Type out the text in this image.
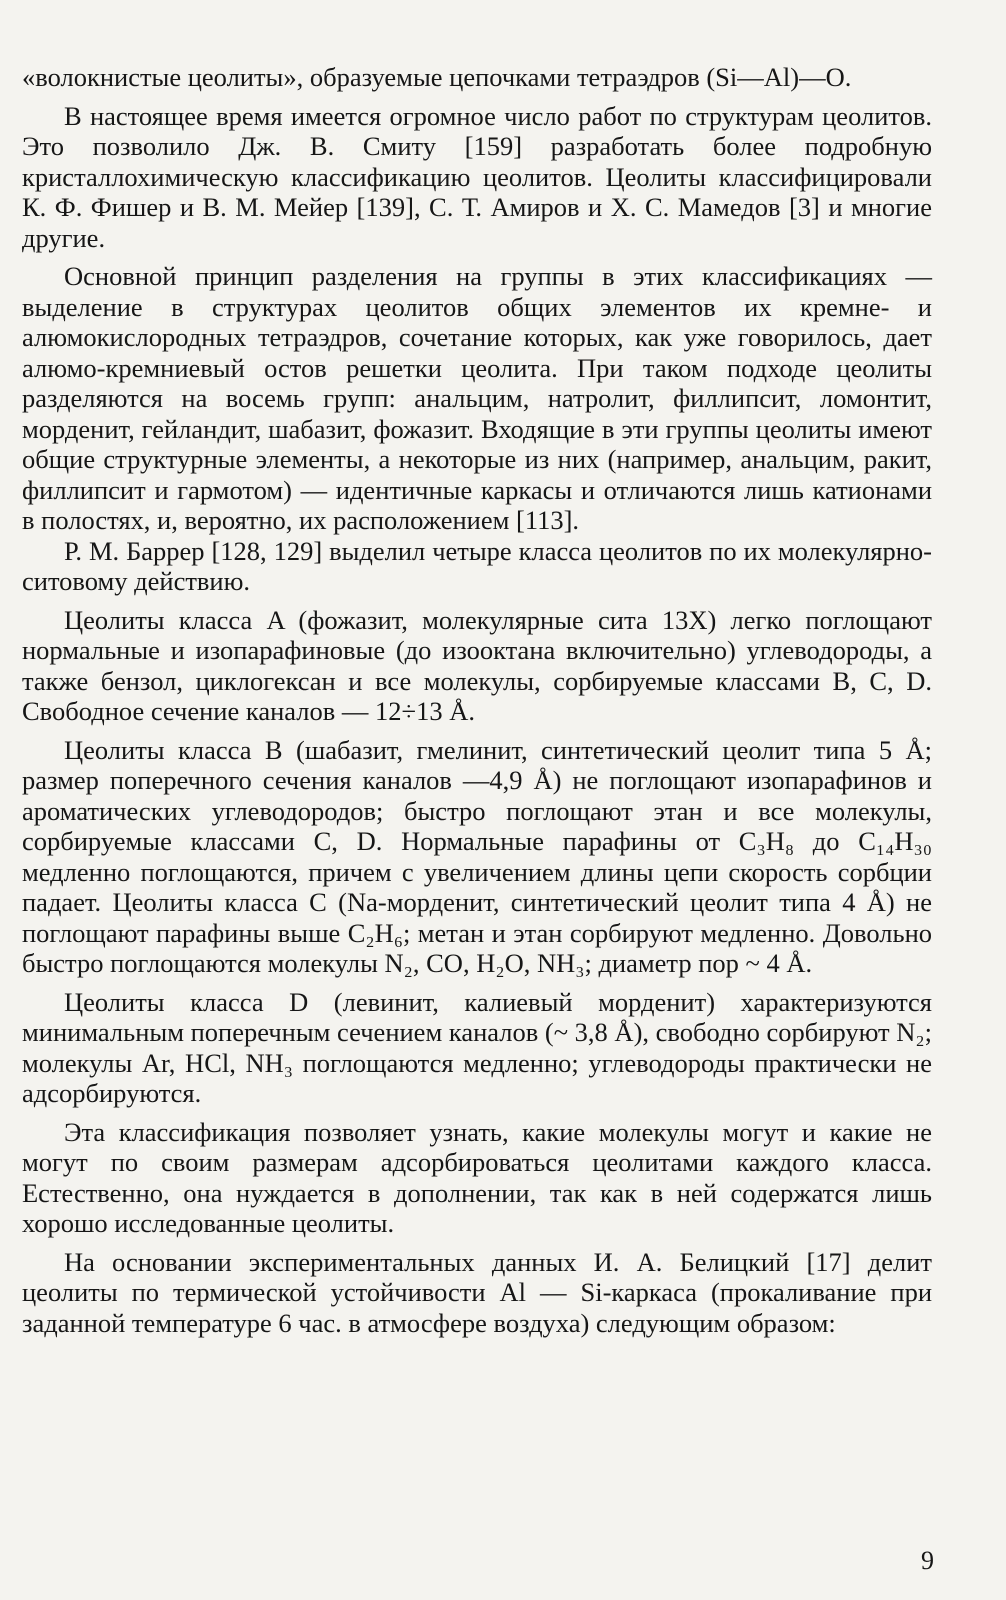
«волокнистые цеолиты», образуемые цепочками тетраэдров (Si—Al)—O.

В настоящее время имеется огромное число работ по структурам цеолитов. Это позволило Дж. В. Смиту [159] разработать более подробную кристаллохимическую классификацию цеолитов. Цеолиты классифицировали К. Ф. Фишер и В. М. Мейер [139], С. Т. Амиров и Х. С. Мамедов [3] и многие другие.

Основной принцип разделения на группы в этих классификациях — выделение в структурах цеолитов общих элементов их кремне- и алюмокислородных тетраэдров, сочетание которых, как уже говорилось, дает алюмо-кремниевый остов решетки цеолита. При таком подходе цеолиты разделяются на восемь групп: анальцим, натролит, филлипсит, ломонтит, морденит, гейландит, шабазит, фожазит. Входящие в эти группы цеолиты имеют общие структурные элементы, а некоторые из них (например, анальцим, ракит, филлипсит и гармотом) — идентичные каркасы и отличаются лишь катионами в полостях, и, вероятно, их расположением [113].

Р. М. Баррер [128, 129] выделил четыре класса цеолитов по их молекулярно-ситовому действию.

Цеолиты класса A (фожазит, молекулярные сита 13X) легко поглощают нормальные и изопарафиновые (до изооктана включительно) углеводороды, а также бензол, циклогексан и все молекулы, сорбируемые классами B, C, D. Свободное сечение каналов — 12÷13 Å.

Цеолиты класса B (шабазит, гмелинит, синтетический цеолит типа 5 Å; размер поперечного сечения каналов —4,9 Å) не поглощают изопарафинов и ароматических углеводородов; быстро поглощают этан и все молекулы, сорбируемые классами C, D. Нормальные парафины от C₃H₈ до C₁₄H₃₀ медленно поглощаются, причем с увеличением длины цепи скорость сорбции падает. Цеолиты класса C (Na-морденит, синтетический цеолит типа 4 Å) не поглощают парафины выше C₂H₆; метан и этан сорбируют медленно. Довольно быстро поглощаются молекулы N₂, CO, H₂O, NH₃; диаметр пор ~ 4 Å.

Цеолиты класса D (левинит, калиевый морденит) характеризуются минимальным поперечным сечением каналов (~ 3,8 Å), свободно сорбируют N₂; молекулы Ar, HCl, NH₃ поглощаются медленно; углеводороды практически не адсорбируются.

Эта классификация позволяет узнать, какие молекулы могут и какие не могут по своим размерам адсорбироваться цеолитами каждого класса. Естественно, она нуждается в дополнении, так как в ней содержатся лишь хорошо исследованные цеолиты.

На основании экспериментальных данных И. А. Белицкий [17] делит цеолиты по термической устойчивости Al — Si-каркаса (прокаливание при заданной температуре 6 час. в атмосфере воздуха) следующим образом:

9
